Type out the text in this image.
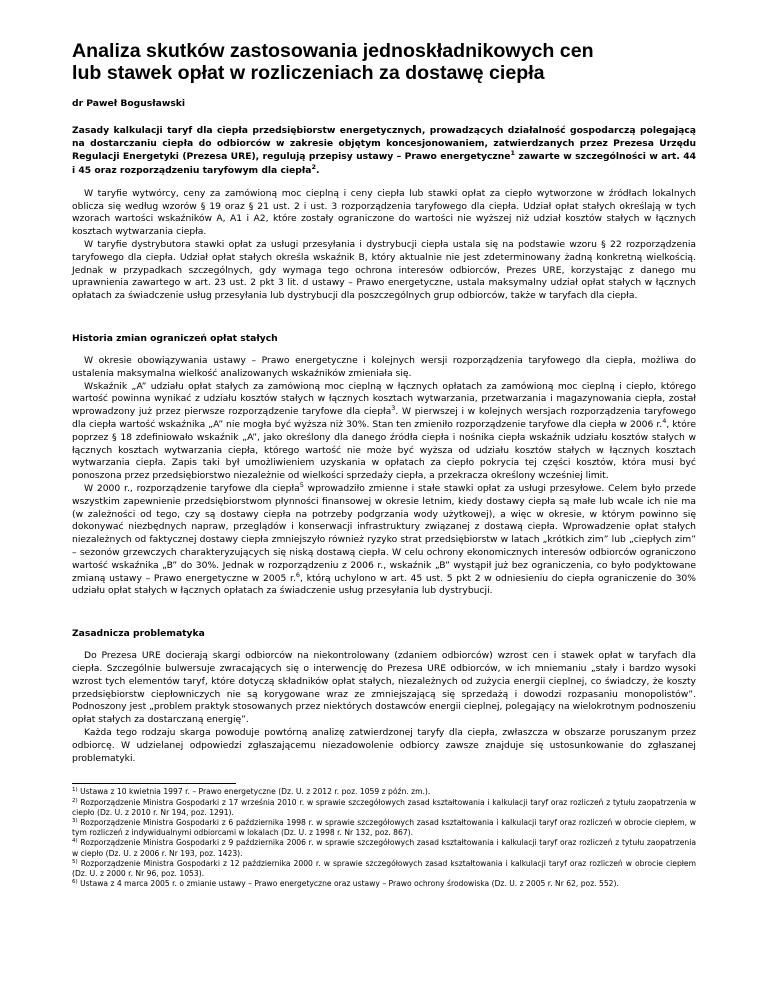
Analiza skutków zastosowania jednoskładnikowych cen
lub stawek opłat w rozliczeniach za dostawę ciepła
dr Paweł Bogusławski
Zasady kalkulacji taryf dla ciepła przedsiębiorstw energetycznych, prowadzących działalność gospodarczą polegającą na dostarczaniu ciepła do odbiorców w zakresie objętym koncesjonowaniem, zatwierdzanych przez Prezesa Urzędu Regulacji Energetyki (Prezesa URE), regulują przepisy ustawy – Prawo energetyczne$^1$ zawarte w szczególności w art. 44 i 45 oraz rozporządzeniu taryfowym dla ciepła$^2$.

W taryfie wytwórcy, ceny za zamówioną moc cieplną i ceny ciepła lub stawki opłat za ciepło wytworzone w źródłach lokalnych oblicza się według wzorów § 19 oraz § 21 ust. 2 i ust. 3 rozporządzenia taryfowego dla ciepła. Udział opłat stałych określają w tych wzorach wartości wskaźników A, A1 i A2, które zostały ograniczone do wartości nie wyższej niż udział kosztów stałych w łącznych kosztach wytwarzania ciepła.

W taryfie dystrybutora stawki opłat za usługi przesyłania i dystrybucji ciepła ustala się na podstawie wzoru § 22 rozporządzenia taryfowego dla ciepła. Udział opłat stałych określa wskaźnik B, który aktualnie nie jest zdeterminowany żadną konkretną wielkością. Jednak w przypadkach szczególnych, gdy wymaga tego ochrona interesów odbiorców, Prezes URE, korzystając z danego mu uprawnienia zawartego w art. 23 ust. 2 pkt 3 lit. d ustawy – Prawo energetyczne, ustala maksymalny udział opłat stałych w łącznych opłatach za świadczenie usług przesyłania lub dystrybucji dla poszczególnych grup odbiorców, także w taryfach dla ciepła.

Historia zmian ograniczeń opłat stałych

W okresie obowiązywania ustawy – Prawo energetyczne i kolejnych wersji rozporządzenia taryfowego dla ciepła, możliwa do ustalenia maksymalna wielkość analizowanych wskaźników zmieniała się.

Wskaźnik „A” udziału opłat stałych za zamówioną moc cieplną w łącznych opłatach za zamówioną moc cieplną i ciepło, którego wartość powinna wynikać z udziału kosztów stałych w łącznych kosztach wytwarzania, przetwarzania i magazynowania ciepła, został wprowadzony już przez pierwsze rozporządzenie taryfowe dla ciepła$^3$. W pierwszej i w kolejnych wersjach rozporządzenia taryfowego dla ciepła wartość wskaźnika „A” nie mogła być wyższa niż 30%. Stan ten zmieniło rozporządzenie taryfowe dla ciepła w 2006 r.$^4$, które poprzez § 18 zdefiniowało wskaźnik „A”, jako określony dla danego źródła ciepła i nośnika ciepła wskaźnik udziału kosztów stałych w łącznych kosztach wytwarzania ciepła, którego wartość nie może być wyższa od udziału kosztów stałych w łącznych kosztach wytwarzania ciepła. Zapis taki był umożliwieniem uzyskania w opłatach za ciepło pokrycia tej części kosztów, która musi być ponoszona przez przedsiębiorstwo niezależnie od wielkości sprzedaży ciepła, a przekracza określony wcześniej limit.

W 2000 r., rozporządzenie taryfowe dla ciepła$^5$ wprowadziło zmienne i stałe stawki opłat za usługi przesyłowe. Celem było przede wszystkim zapewnienie przedsiębiorstwom płynności finansowej w okresie letnim, kiedy dostawy ciepła są małe lub wcale ich nie ma (w zależności od tego, czy są dostawy ciepła na potrzeby podgrzania wody użytkowej), a więc w okresie, w którym powinno się dokonywać niezbędnych napraw, przeglądów i konserwacji infrastruktury związanej z dostawą ciepła. Wprowadzenie opłat stałych niezależnych od faktycznej dostawy ciepła zmniejszyło również ryzyko strat przedsiębiorstw w latach „krótkich zim” lub „ciepłych zim” – sezonów grzewczych charakteryzujących się niską dostawą ciepła. W celu ochrony ekonomicznych interesów odbiorców ograniczono wartość wskaźnika „B” do 30%. Jednak w rozporządzeniu z 2006 r., wskaźnik „B” wystąpił już bez ograniczenia, co było podyktowane zmianą ustawy – Prawo energetyczne w 2005 r.$^6$, którą uchylono w art. 45 ust. 5 pkt 2 w odniesieniu do ciepła ograniczenie do 30% udziału opłat stałych w łącznych opłatach za świadczenie usług przesyłania lub dystrybucji.

Zasadnicza problematyka

Do Prezesa URE docierają skargi odbiorców na niekontrolowany (zdaniem odbiorców) wzrost cen i stawek opłat w taryfach dla ciepła. Szczególnie bulwersuje zwracających się o interwencję do Prezesa URE odbiorców, w ich mniemaniu „stały i bardzo wysoki wzrost tych elementów taryf, które dotyczą składników opłat stałych, niezależnych od zużycia energii cieplnej, co świadczy, że koszty przedsiębiorstw ciepłowniczych nie są korygowane wraz ze zmniejszającą się sprzedażą i dowodzi rozpasaniu monopolistów”. Podnoszony jest „problem praktyk stosowanych przez niektórych dostawców energii cieplnej, polegający na wielokrotnym podnoszeniu opłat stałych za dostarczaną energię”.

Każda tego rodzaju skarga powoduje powtórną analizę zatwierdzonej taryfy dla ciepła, zwłaszcza w obszarze poruszanym przez odbiorcę. W udzielanej odpowiedzi zgłaszającemu niezadowolenie odbiorcy zawsze znajduje się ustosunkowanie do zgłaszanej problematyki.

$^{1)}$ Ustawa z 10 kwietnia 1997 r. – Prawo energetyczne (Dz. U. z 2012 r. poz. 1059 z późn. zm.).
$^{2)}$ Rozporządzenie Ministra Gospodarki z 17 września 2010 r. w sprawie szczegółowych zasad kształtowania i kalkulacji taryf oraz rozliczeń z tytułu zaopatrzenia w ciepło (Dz. U. z 2010 r. Nr 194, poz. 1291).
$^{3)}$ Rozporządzenie Ministra Gospodarki z 6 października 1998 r. w sprawie szczegółowych zasad kształtowania i kalkulacji taryf oraz rozliczeń w obrocie ciepłem, w tym rozliczeń z indywidualnymi odbiorcami w lokalach (Dz. U. z 1998 r. Nr 132, poz. 867).
$^{4)}$ Rozporządzenie Ministra Gospodarki z 9 października 2006 r. w sprawie szczegółowych zasad kształtowania i kalkulacji taryf oraz rozliczeń z tytułu zaopatrzenia w ciepło (Dz. U. z 2006 r. Nr 193, poz. 1423).
$^{5)}$ Rozporządzenie Ministra Gospodarki z 12 października 2000 r. w sprawie szczegółowych zasad kształtowania i kalkulacji taryf oraz rozliczeń w obrocie ciepłem (Dz. U. z 2000 r. Nr 96, poz. 1053).
$^{6)}$ Ustawa z 4 marca 2005 r. o zmianie ustawy – Prawo energetyczne oraz ustawy – Prawo ochrony środowiska (Dz. U. z 2005 r. Nr 62, poz. 552).
